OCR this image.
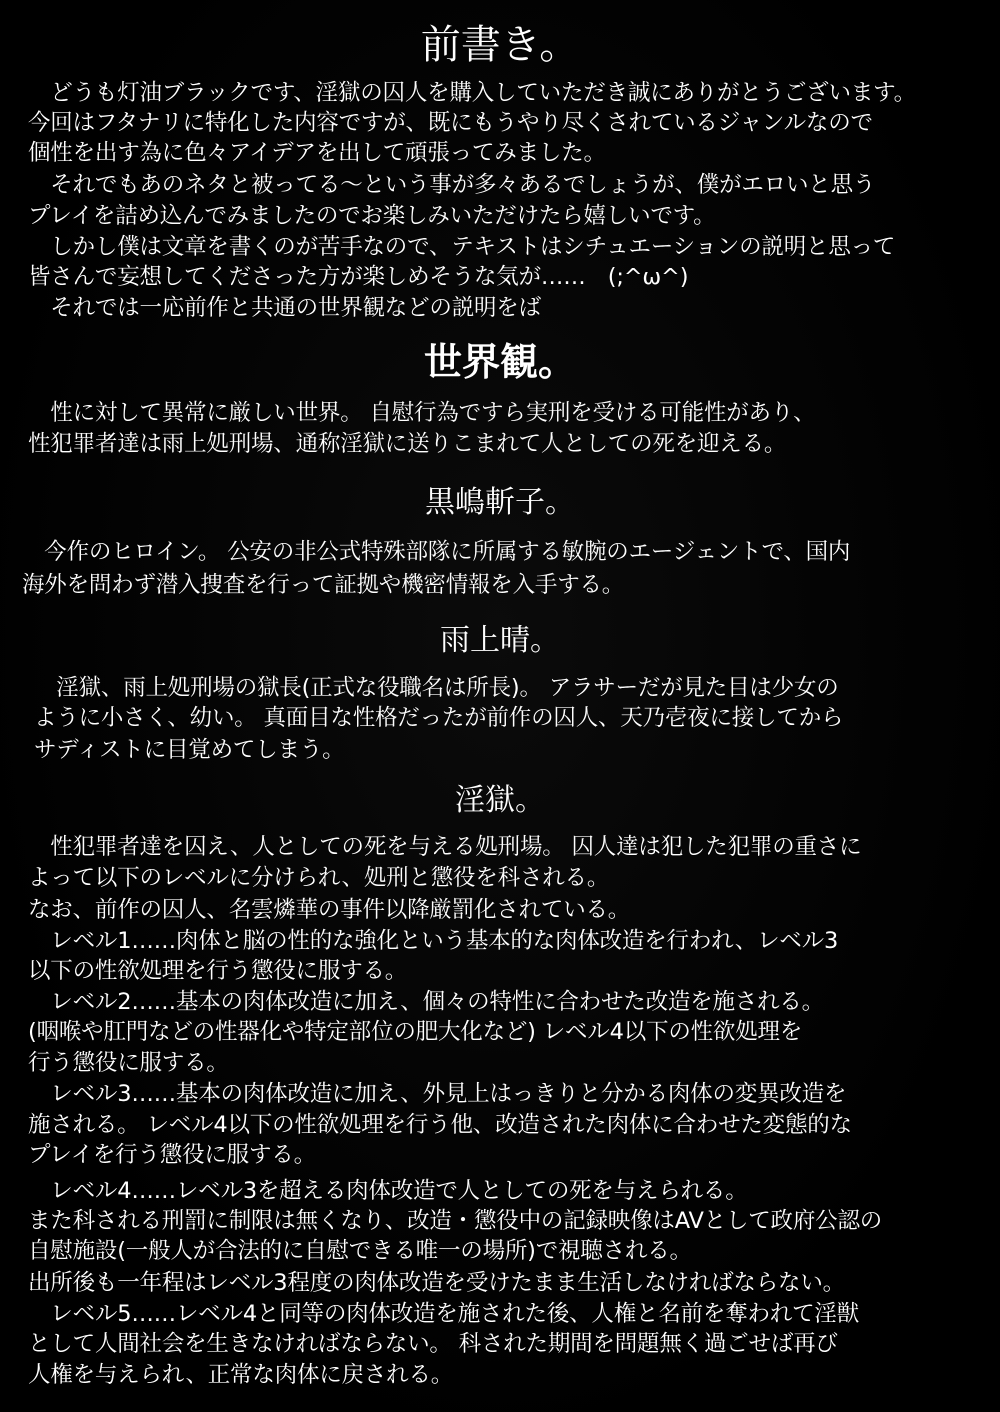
前書き。
　どうも灯油ブラックです、淫獄の囚人を購入していただき誠にありがとうございます。
今回はフタナリに特化した内容ですが、既にもうやり尽くされているジャンルなので
個性を出す為に色々アイデアを出して頑張ってみました。
　それでもあのネタと被ってる～という事が多々あるでしょうが、僕がエロいと思う
プレイを詰め込んでみましたのでお楽しみいただけたら嬉しいです。
　しかし僕は文章を書くのが苦手なので、テキストはシチュエーションの説明と思って
皆さんで妄想してくださった方が楽しめそうな気が……　(;^ω^)
　それでは一応前作と共通の世界観などの説明をば
世界観。
　性に対して異常に厳しい世界。 自慰行為ですら実刑を受ける可能性があり、
性犯罪者達は雨上処刑場、通称淫獄に送りこまれて人としての死を迎える。
黒嶋斬子。
　今作のヒロイン。 公安の非公式特殊部隊に所属する敏腕のエージェントで、国内
海外を問わず潜入捜査を行って証拠や機密情報を入手する。
雨上晴。
　淫獄、雨上処刑場の獄長(正式な役職名は所長)。 アラサーだが見た目は少女の
ように小さく、幼い。 真面目な性格だったが前作の囚人、天乃壱夜に接してから
サディストに目覚めてしまう。
淫獄。
　性犯罪者達を囚え、人としての死を与える処刑場。 囚人達は犯した犯罪の重さに
よって以下のレベルに分けられ、処刑と懲役を科される。
なお、前作の囚人、名雲燐華の事件以降厳罰化されている。
　レベル1……肉体と脳の性的な強化という基本的な肉体改造を行われ、レベル3
以下の性欲処理を行う懲役に服する。
　レベル2……基本の肉体改造に加え、個々の特性に合わせた改造を施される。
(咽喉や肛門などの性器化や特定部位の肥大化など) レベル4以下の性欲処理を
行う懲役に服する。
　レベル3……基本の肉体改造に加え、外見上はっきりと分かる肉体の変異改造を
施される。 レベル4以下の性欲処理を行う他、改造された肉体に合わせた変態的な
プレイを行う懲役に服する。
　レベル4……レベル3を超える肉体改造で人としての死を与えられる。
また科される刑罰に制限は無くなり、改造・懲役中の記録映像はAVとして政府公認の
自慰施設(一般人が合法的に自慰できる唯一の場所)で視聴される。
出所後も一年程はレベル3程度の肉体改造を受けたまま生活しなければならない。
　レベル5……レベル4と同等の肉体改造を施された後、人権と名前を奪われて淫獣
として人間社会を生きなければならない。 科された期間を問題無く過ごせば再び
人権を与えられ、正常な肉体に戻される。
